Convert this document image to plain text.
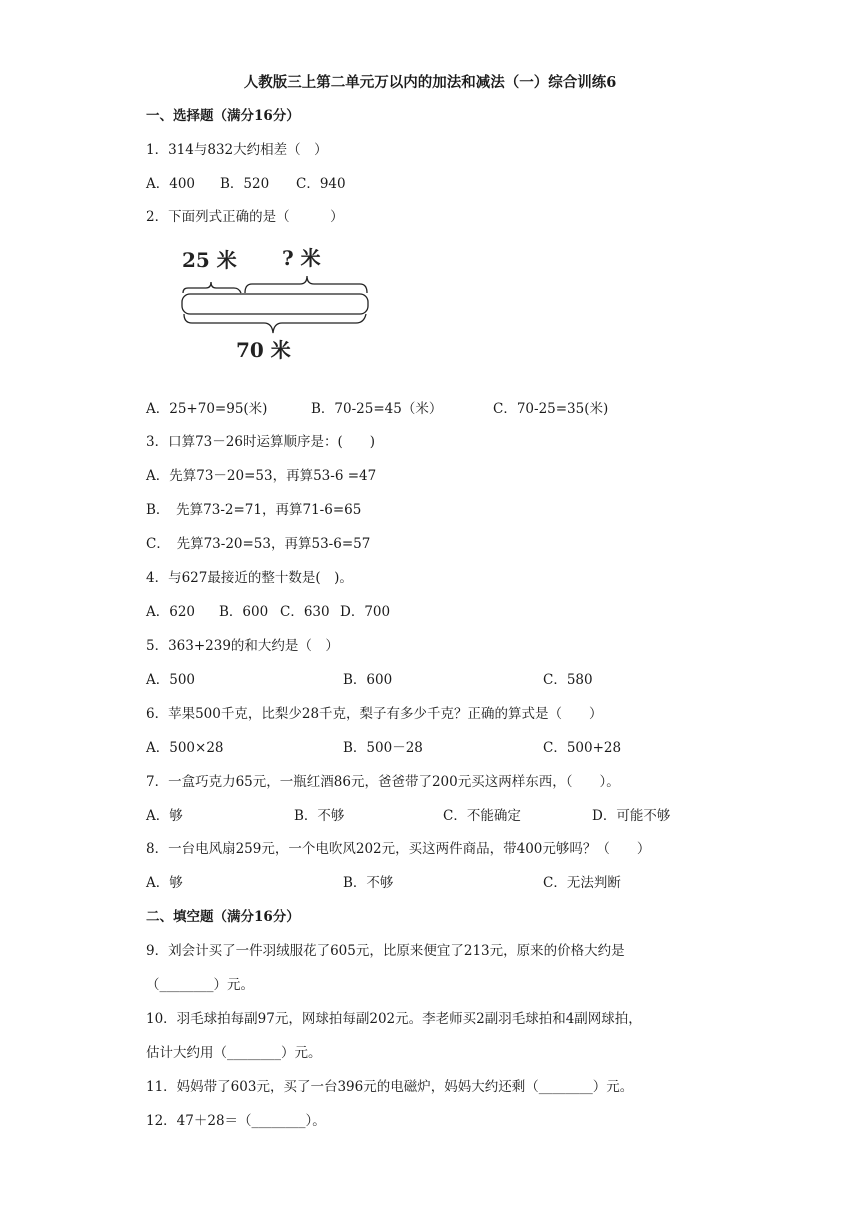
人教版三上第二单元万以内的加法和减法（一）综合训练6
一、选择题（满分16分）
1．314与832大约相差（　）
A．400 B．520 C．940
2．下面列式正确的是（　　　）
25 米 ? 米
70 米
A．25+70=95(米)	B．70-25=45（米）	C．70-25=35(米)
3．口算73－26时运算顺序是：(　　)
A．先算73－20=53，再算53-6 =47
B．　先算73-2=71，再算71-6=65
C．　先算73-20=53，再算53-6=57
4．与627最接近的整十数是(　)。
A．620 B．600 C．630 D．700
5．363+239的和大约是（　）
A．500	B．600	C．580
6．苹果500千克，比梨少28千克，梨子有多少千克？正确的算式是（　　）
A．500×28	B．500－28	C．500+28
7．一盒巧克力65元，一瓶红酒86元，爸爸带了200元买这两样东西，（　　）。
A．够	B．不够	C．不能确定	D．可能不够
8．一台电风扇259元，一个电吹风202元，买这两件商品，带400元够吗？（　　）
A．够	B．不够	C．无法判断
二、填空题（满分16分）
9．刘会计买了一件羽绒服花了605元，比原来便宜了213元，原来的价格大约是
（________）元。
10．羽毛球拍每副97元，网球拍每副202元。李老师买2副羽毛球拍和4副网球拍，
估计大约用（________）元。
11．妈妈带了603元，买了一台396元的电磁炉，妈妈大约还剩（________）元。
12．47＋28＝（________）。
